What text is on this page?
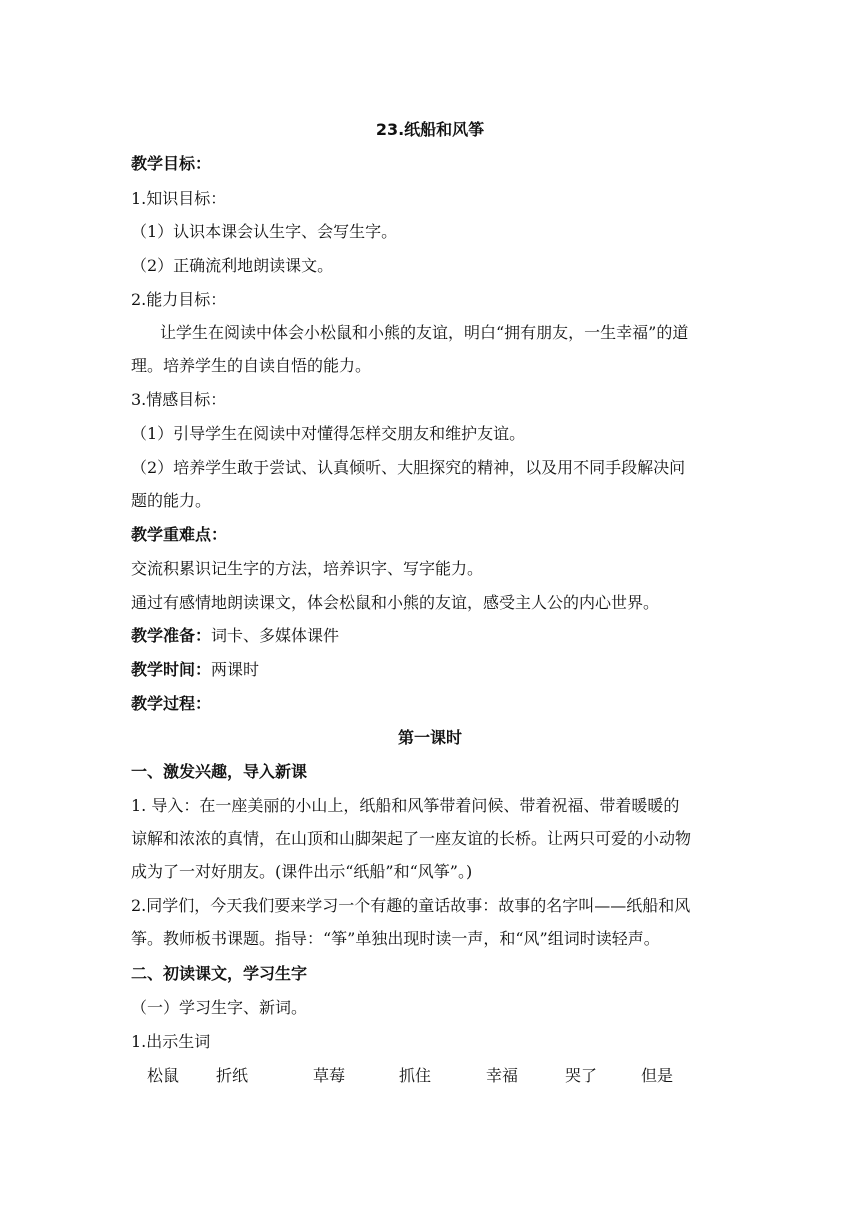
23.纸船和风筝
教学目标：
1.知识目标：
（1）认识本课会认生字、会写生字。
（2）正确流利地朗读课文。
2.能力目标：
让学生在阅读中体会小松鼠和小熊的友谊，明白“拥有朋友，一生幸福”的道
理。培养学生的自读自悟的能力。
3.情感目标：
（1）引导学生在阅读中对懂得怎样交朋友和维护友谊。
（2）培养学生敢于尝试、认真倾听、大胆探究的精神，以及用不同手段解决问
题的能力。
教学重难点：
交流积累识记生字的方法，培养识字、写字能力。
通过有感情地朗读课文，体会松鼠和小熊的友谊，感受主人公的内心世界。
教学准备：词卡、多媒体课件
教学时间：两课时
教学过程：
第一课时
一、激发兴趣，导入新课
1. 导入：在一座美丽的小山上，纸船和风筝带着问候、带着祝福、带着暖暖的
谅解和浓浓的真情，在山顶和山脚架起了一座友谊的长桥。让两只可爱的小动物
成为了一对好朋友。(课件出示“纸船”和“风筝”。)
2.同学们，今天我们要来学习一个有趣的童话故事：故事的名字叫——纸船和风
筝。教师板书课题。指导：“筝”单独出现时读一声，和“风”组词时读轻声。
二、初读课文，学习生字
（一）学习生字、新词。
1.出示生词
松鼠 折纸	草莓	抓住	幸福	哭了	但是
